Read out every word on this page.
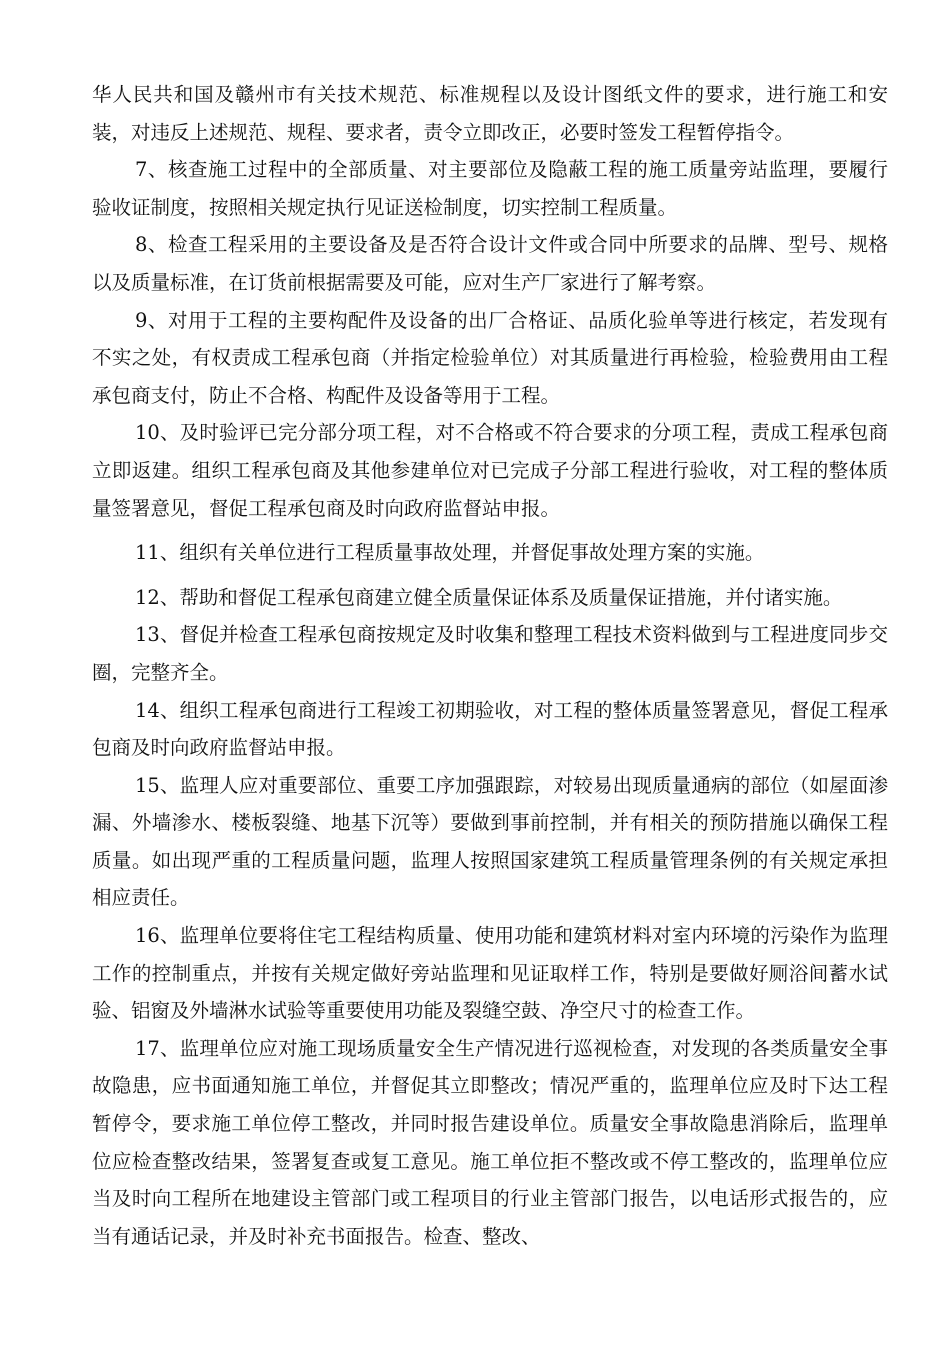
华人民共和国及赣州市有关技术规范、标准规程以及设计图纸文件的要求，进行施工和安装，对违反上述规范、规程、要求者，责令立即改正，必要时签发工程暂停指令。

7、核查施工过程中的全部质量、对主要部位及隐蔽工程的施工质量旁站监理，要履行验收证制度，按照相关规定执行见证送检制度，切实控制工程质量。

8、检查工程采用的主要设备及是否符合设计文件或合同中所要求的品牌、型号、规格以及质量标准，在订货前根据需要及可能，应对生产厂家进行了解考察。

9、对用于工程的主要构配件及设备的出厂合格证、品质化验单等进行核定，若发现有不实之处，有权责成工程承包商（并指定检验单位）对其质量进行再检验，检验费用由工程承包商支付，防止不合格、构配件及设备等用于工程。

10、及时验评已完分部分项工程，对不合格或不符合要求的分项工程，责成工程承包商立即返建。组织工程承包商及其他参建单位对已完成子分部工程进行验收，对工程的整体质量签署意见，督促工程承包商及时向政府监督站申报。

11、组织有关单位进行工程质量事故处理，并督促事故处理方案的实施。

12、帮助和督促工程承包商建立健全质量保证体系及质量保证措施，并付诸实施。

13、督促并检查工程承包商按规定及时收集和整理工程技术资料做到与工程进度同步交圈，完整齐全。

14、组织工程承包商进行工程竣工初期验收，对工程的整体质量签署意见，督促工程承包商及时向政府监督站申报。

15、监理人应对重要部位、重要工序加强跟踪，对较易出现质量通病的部位（如屋面渗漏、外墙渗水、楼板裂缝、地基下沉等）要做到事前控制，并有相关的预防措施以确保工程质量。如出现严重的工程质量问题，监理人按照国家建筑工程质量管理条例的有关规定承担相应责任。

16、监理单位要将住宅工程结构质量、使用功能和建筑材料对室内环境的污染作为监理工作的控制重点，并按有关规定做好旁站监理和见证取样工作，特别是要做好厕浴间蓄水试验、铝窗及外墙淋水试验等重要使用功能及裂缝空鼓、净空尺寸的检查工作。

17、监理单位应对施工现场质量安全生产情况进行巡视检查，对发现的各类质量安全事故隐患，应书面通知施工单位，并督促其立即整改；情况严重的，监理单位应及时下达工程暂停令，要求施工单位停工整改，并同时报告建设单位。质量安全事故隐患消除后，监理单位应检查整改结果，签署复查或复工意见。施工单位拒不整改或不停工整改的，监理单位应当及时向工程所在地建设主管部门或工程项目的行业主管部门报告，以电话形式报告的，应当有通话记录，并及时补充书面报告。检查、整改、
